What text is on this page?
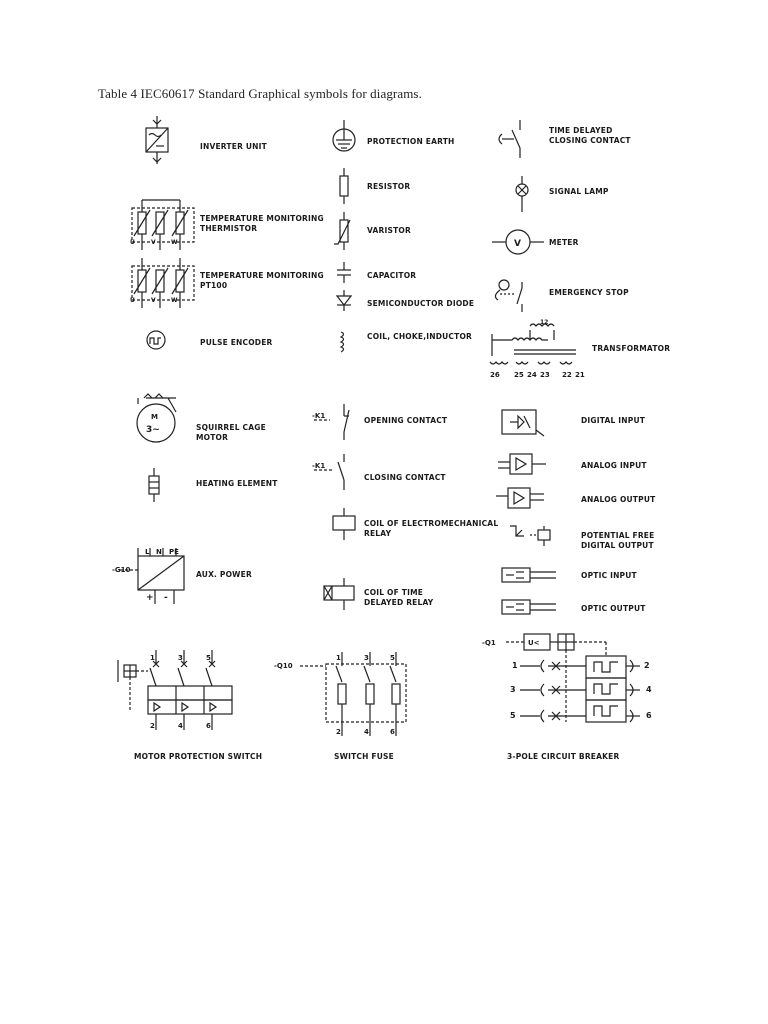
Table 4 IEC60617 Standard Graphical symbols for diagrams.
INVERTER UNIT
TEMPERATURE MONITORING
THERMISTOR
TEMPERATURE MONITORING
PT100
PULSE ENCODER
SQUIRREL CAGE
MOTOR
HEATING ELEMENT
AUX. POWER
PROTECTION EARTH
RESISTOR
VARISTOR
CAPACITOR
SEMICONDUCTOR DIODE
COIL, CHOKE,INDUCTOR
OPENING CONTACT
CLOSING CONTACT
COIL OF ELECTROMECHANICAL
RELAY
COIL OF TIME
DELAYED RELAY
TIME DELAYED
CLOSING CONTACT
SIGNAL LAMP
METER
EMERGENCY STOP
TRANSFORMATOR
DIGITAL INPUT
ANALOG INPUT
ANALOG OUTPUT
POTENTIAL FREE
DIGITAL OUTPUT
OPTIC INPUT
OPTIC OUTPUT
MOTOR PROTECTION SWITCH	SWITCH FUSE	3-POLE CIRCUIT BREAKER
U	V	W
U	V	W
M
3~
-G10
L N PE
+ -
-K1
-K1
V
12
26 25 24 23 22 21
1	3	5
2	4	6
-Q10
1	3	5
2	4	6
-Q1	U<
1
3
5
2
4
6
